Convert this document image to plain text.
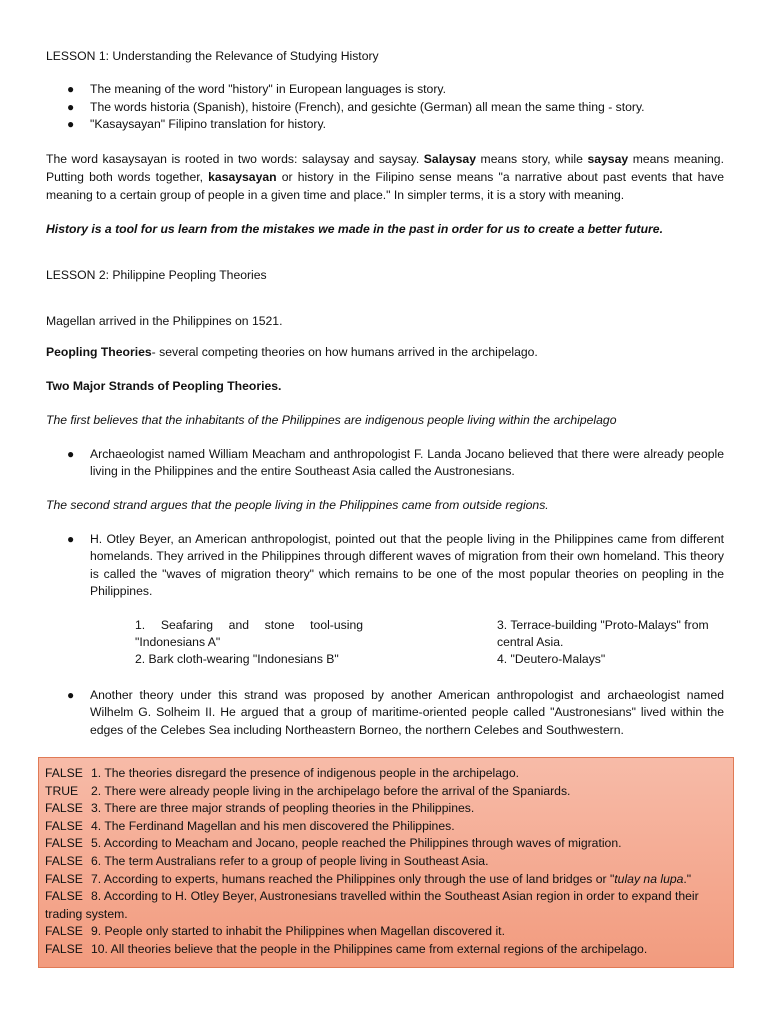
LESSON 1: Understanding the Relevance of Studying History

● The meaning of the word "history" in European languages is story.
● The words historia (Spanish), histoire (French), and gesichte (German) all mean the same thing - story.
● "Kasaysayan" Filipino translation for history.

The word kasaysayan is rooted in two words: salaysay and saysay. Salaysay means story, while saysay means meaning. Putting both words together, kasaysayan or history in the Filipino sense means "a narrative about past events that have meaning to a certain group of people in a given time and place." In simpler terms, it is a story with meaning.

History is a tool for us learn from the mistakes we made in the past in order for us to create a better future.

LESSON 2: Philippine Peopling Theories

Magellan arrived in the Philippines on 1521.

Peopling Theories- several competing theories on how humans arrived in the archipelago.

Two Major Strands of Peopling Theories.

The first believes that the inhabitants of the Philippines are indigenous people living within the archipelago

● Archaeologist named William Meacham and anthropologist F. Landa Jocano believed that there were already people living in the Philippines and the entire Southeast Asia called the Austronesians.

The second strand argues that the people living in the Philippines came from outside regions.

● H. Otley Beyer, an American anthropologist, pointed out that the people living in the Philippines came from different homelands. They arrived in the Philippines through different waves of migration from their own homeland. This theory is called the "waves of migration theory" which remains to be one of the most popular theories on peopling in the Philippines.

1. Seafaring and stone tool-using "Indonesians A"

2. Bark cloth-wearing "Indonesians B"

3. Terrace-building "Proto-Malays" from central Asia.

4. "Deutero-Malays"

● Another theory under this strand was proposed by another American anthropologist and archaeologist named Wilhelm G. Solheim II. He argued that a group of maritime-oriented people called "Austronesians" lived within the edges of the Celebes Sea including Northeastern Borneo, the northern Celebes and Southwestern.
FALSE 1. The theories disregard the presence of indigenous people in the archipelago.
TRUE 2. There were already people living in the archipelago before the arrival of the Spaniards.
FALSE 3. There are three major strands of peopling theories in the Philippines.
FALSE 4. The Ferdinand Magellan and his men discovered the Philippines.
FALSE 5. According to Meacham and Jocano, people reached the Philippines through waves of migration.
FALSE 6. The term Australians refer to a group of people living in Southeast Asia.
FALSE 7. According to experts, humans reached the Philippines only through the use of land bridges or "tulay na lupa."
FALSE 8. According to H. Otley Beyer, Austronesians travelled within the Southeast Asian region in order to expand their trading system.
FALSE 9. People only started to inhabit the Philippines when Magellan discovered it.
FALSE 10. All theories believe that the people in the Philippines came from external regions of the archipelago.
